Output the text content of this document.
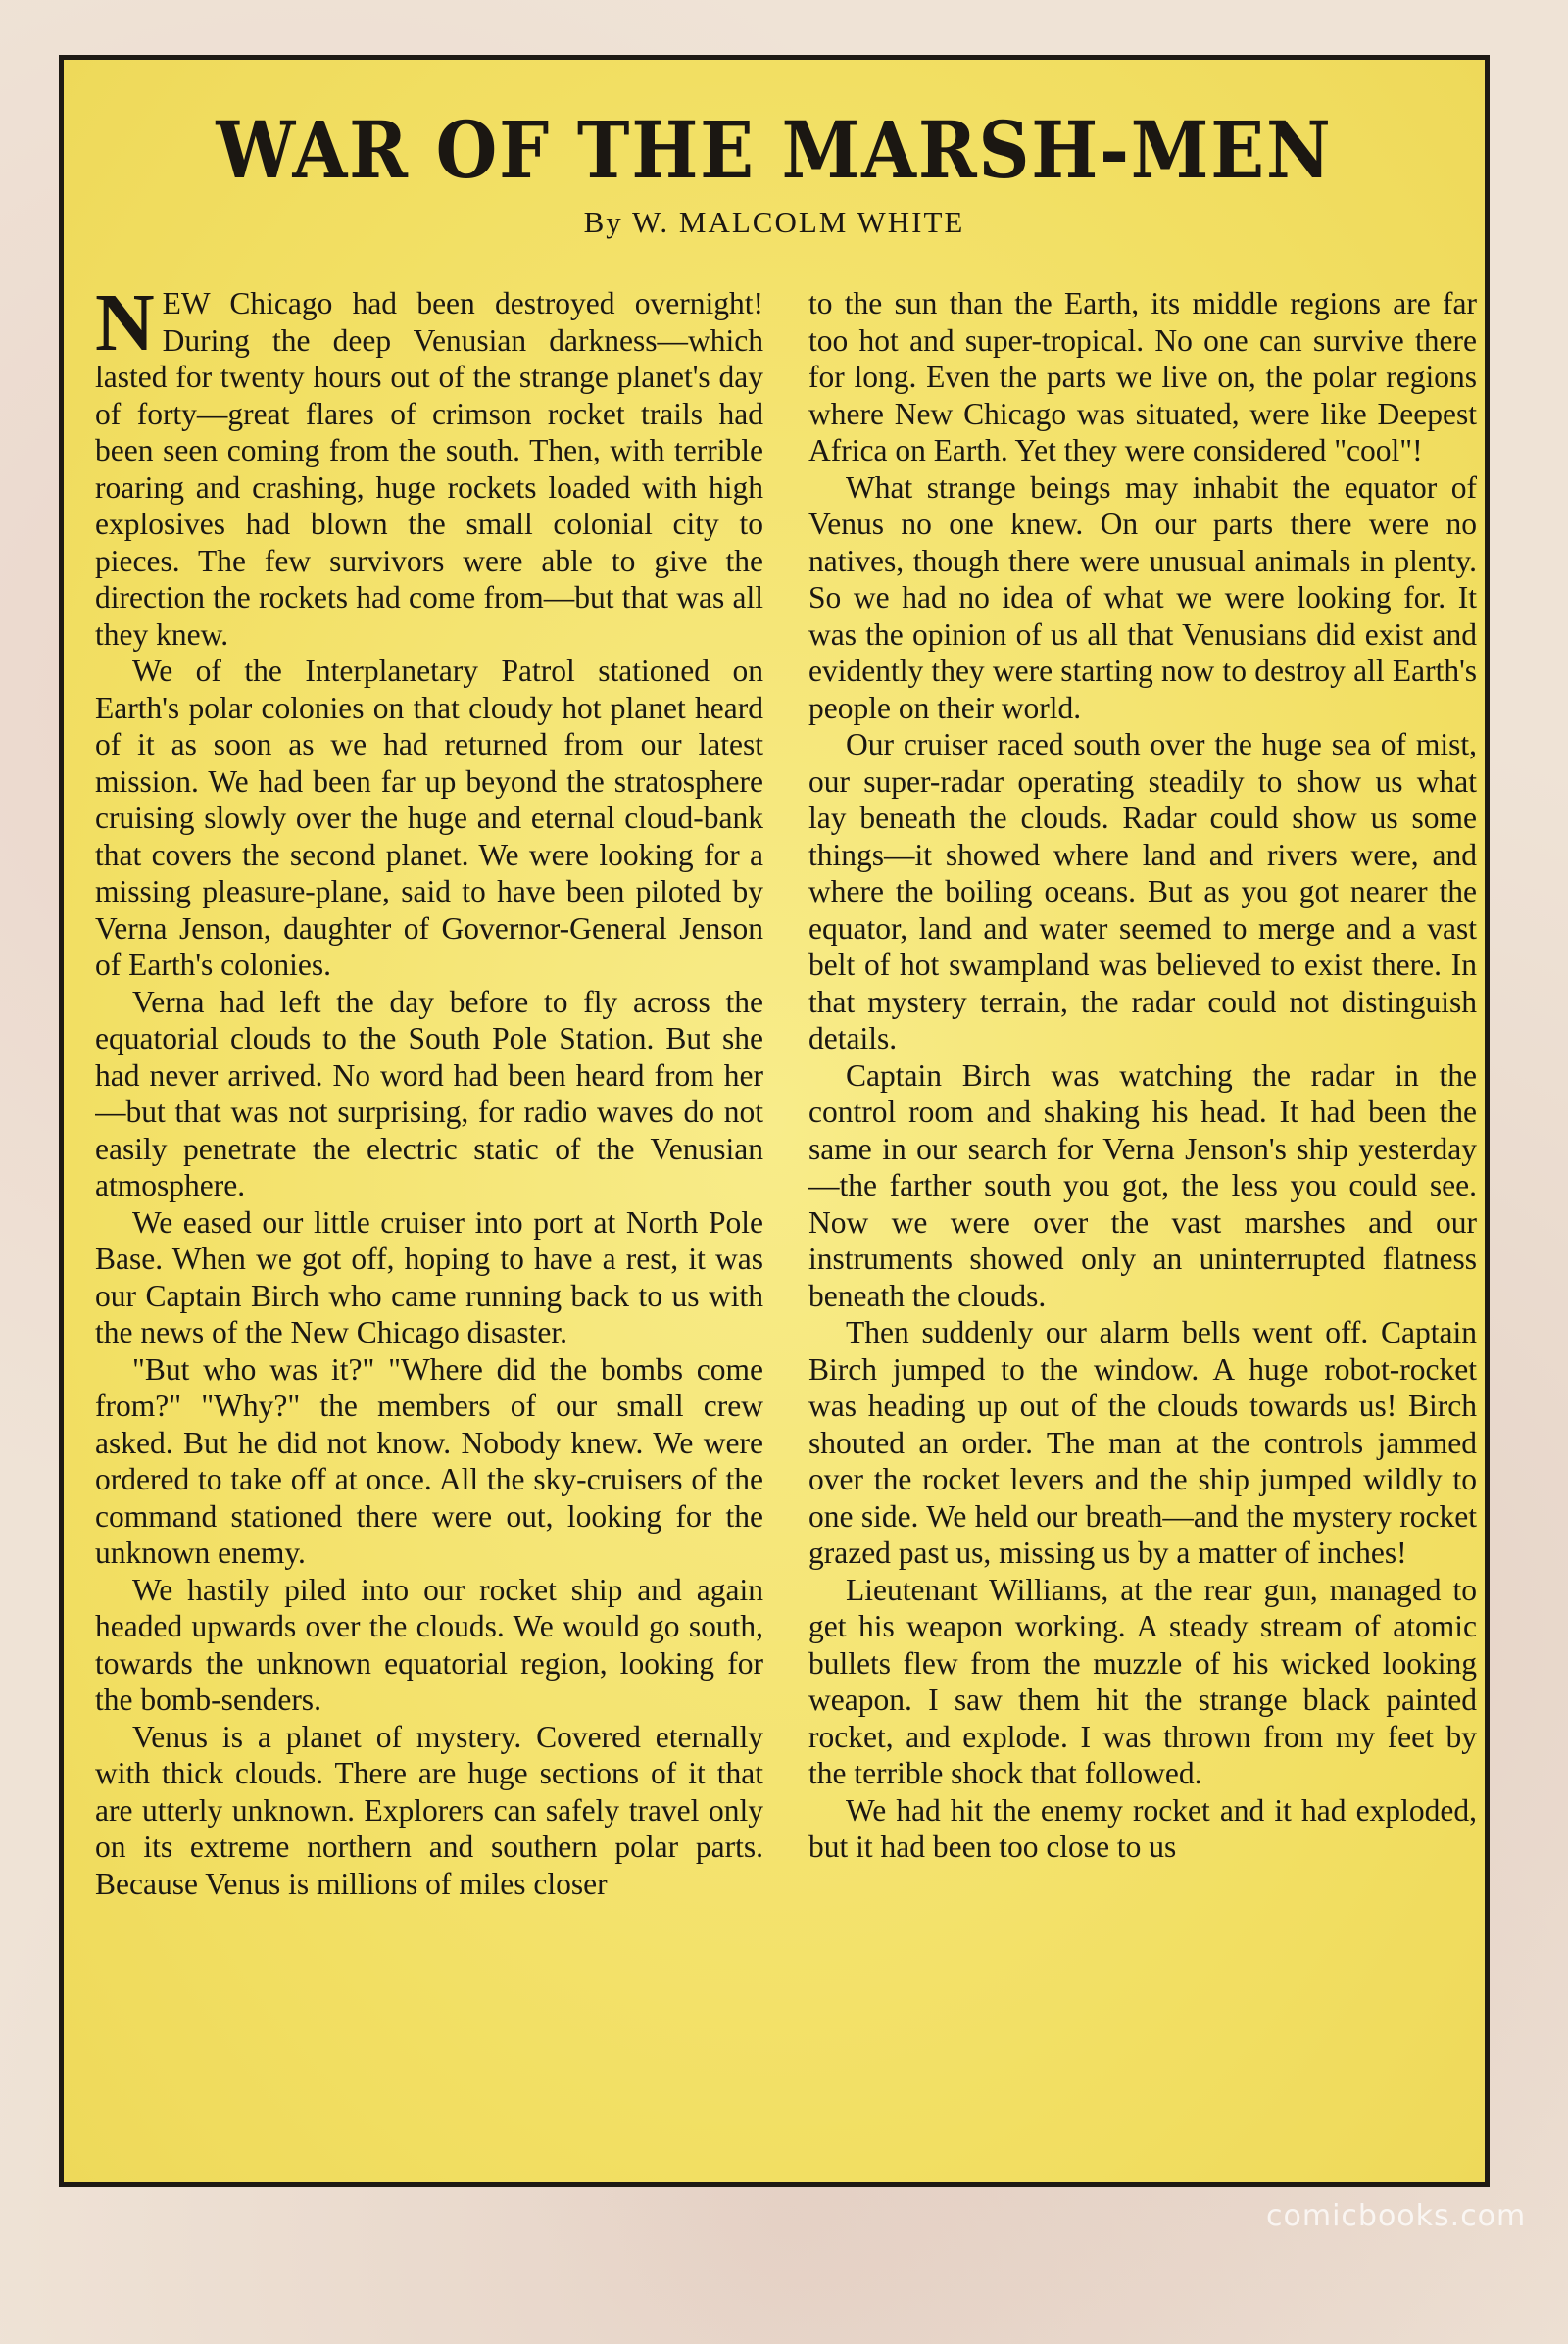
WAR OF THE MARSH-MEN

By W. MALCOLM WHITE

NEW Chicago had been destroyed overnight! During the deep Venusian darkness—which lasted for twenty hours out of the strange planet's day of forty—great flares of crimson rocket trails had been seen coming from the south. Then, with terrible roaring and crashing, huge rockets loaded with high explosives had blown the small colonial city to pieces. The few survivors were able to give the direction the rockets had come from—but that was all they knew.

We of the Interplanetary Patrol stationed on Earth's polar colonies on that cloudy hot planet heard of it as soon as we had returned from our latest mission. We had been far up beyond the stratosphere cruising slowly over the huge and eternal cloud-bank that covers the second planet. We were looking for a missing pleasure-plane, said to have been piloted by Verna Jenson, daughter of Governor-General Jenson of Earth's colonies.

Verna had left the day before to fly across the equatorial clouds to the South Pole Station. But she had never arrived. No word had been heard from her—but that was not surprising, for radio waves do not easily penetrate the electric static of the Venusian atmosphere.

We eased our little cruiser into port at North Pole Base. When we got off, hoping to have a rest, it was our Captain Birch who came running back to us with the news of the New Chicago disaster.

"But who was it?" "Where did the bombs come from?" "Why?" the members of our small crew asked. But he did not know. Nobody knew. We were ordered to take off at once. All the sky-cruisers of the command stationed there were out, looking for the unknown enemy.

We hastily piled into our rocket ship and again headed upwards over the clouds. We would go south, towards the unknown equatorial region, looking for the bomb-senders.

Venus is a planet of mystery. Covered eternally with thick clouds. There are huge sections of it that are utterly unknown. Explorers can safely travel only on its extreme northern and southern polar parts. Because Venus is millions of miles closer

to the sun than the Earth, its middle regions are far too hot and super-tropical. No one can survive there for long. Even the parts we live on, the polar regions where New Chicago was situated, were like Deepest Africa on Earth. Yet they were considered "cool"!

What strange beings may inhabit the equator of Venus no one knew. On our parts there were no natives, though there were unusual animals in plenty. So we had no idea of what we were looking for. It was the opinion of us all that Venusians did exist and evidently they were starting now to destroy all Earth's people on their world.

Our cruiser raced south over the huge sea of mist, our super-radar operating steadily to show us what lay beneath the clouds. Radar could show us some things—it showed where land and rivers were, and where the boiling oceans. But as you got nearer the equator, land and water seemed to merge and a vast belt of hot swampland was believed to exist there. In that mystery terrain, the radar could not distinguish details.

Captain Birch was watching the radar in the control room and shaking his head. It had been the same in our search for Verna Jenson's ship yesterday—the farther south you got, the less you could see. Now we were over the vast marshes and our instruments showed only an uninterrupted flatness beneath the clouds.

Then suddenly our alarm bells went off. Captain Birch jumped to the window. A huge robot-rocket was heading up out of the clouds towards us! Birch shouted an order. The man at the controls jammed over the rocket levers and the ship jumped wildly to one side. We held our breath—and the mystery rocket grazed past us, missing us by a matter of inches!

Lieutenant Williams, at the rear gun, managed to get his weapon working. A steady stream of atomic bullets flew from the muzzle of his wicked looking weapon. I saw them hit the strange black painted rocket, and explode. I was thrown from my feet by the terrible shock that followed.

We had hit the enemy rocket and it had exploded, but it had been too close to us

comicbooks.com
